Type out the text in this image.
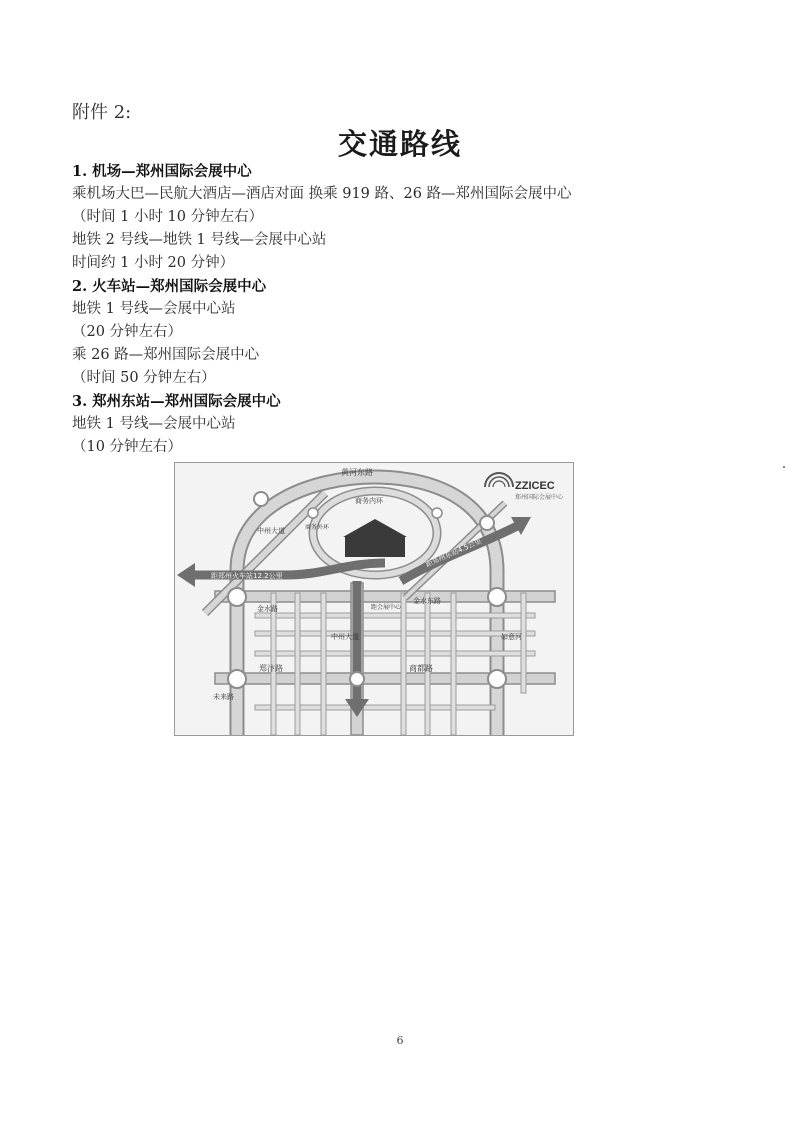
附件 2:
交通路线
1. 机场—郑州国际会展中心
乘机场大巴—民航大酒店—酒店对面 换乘 919 路、26 路—郑州国际会展中心
（时间 1 小时 10 分钟左右）
地铁 2 号线—地铁 1 号线—会展中心站
时间约 1 小时 20 分钟）
2. 火车站—郑州国际会展中心
地铁 1 号线—会展中心站
（20 分钟左右）
乘 26 路—郑州国际会展中心
（时间 50 分钟左右）
3. 郑州东站—郑州国际会展中心
地铁 1 号线—会展中心站
（10 分钟左右）
ZZICEC
郑州国际会展中心
黄河东路
商务内环
金水路
金水东路
郑汴路	商都路
未来路
中州大道	如意河
商务外环
中州大道
距郑州火车站12.2公里
距郑州东站4.5公里
距会展中心
6
